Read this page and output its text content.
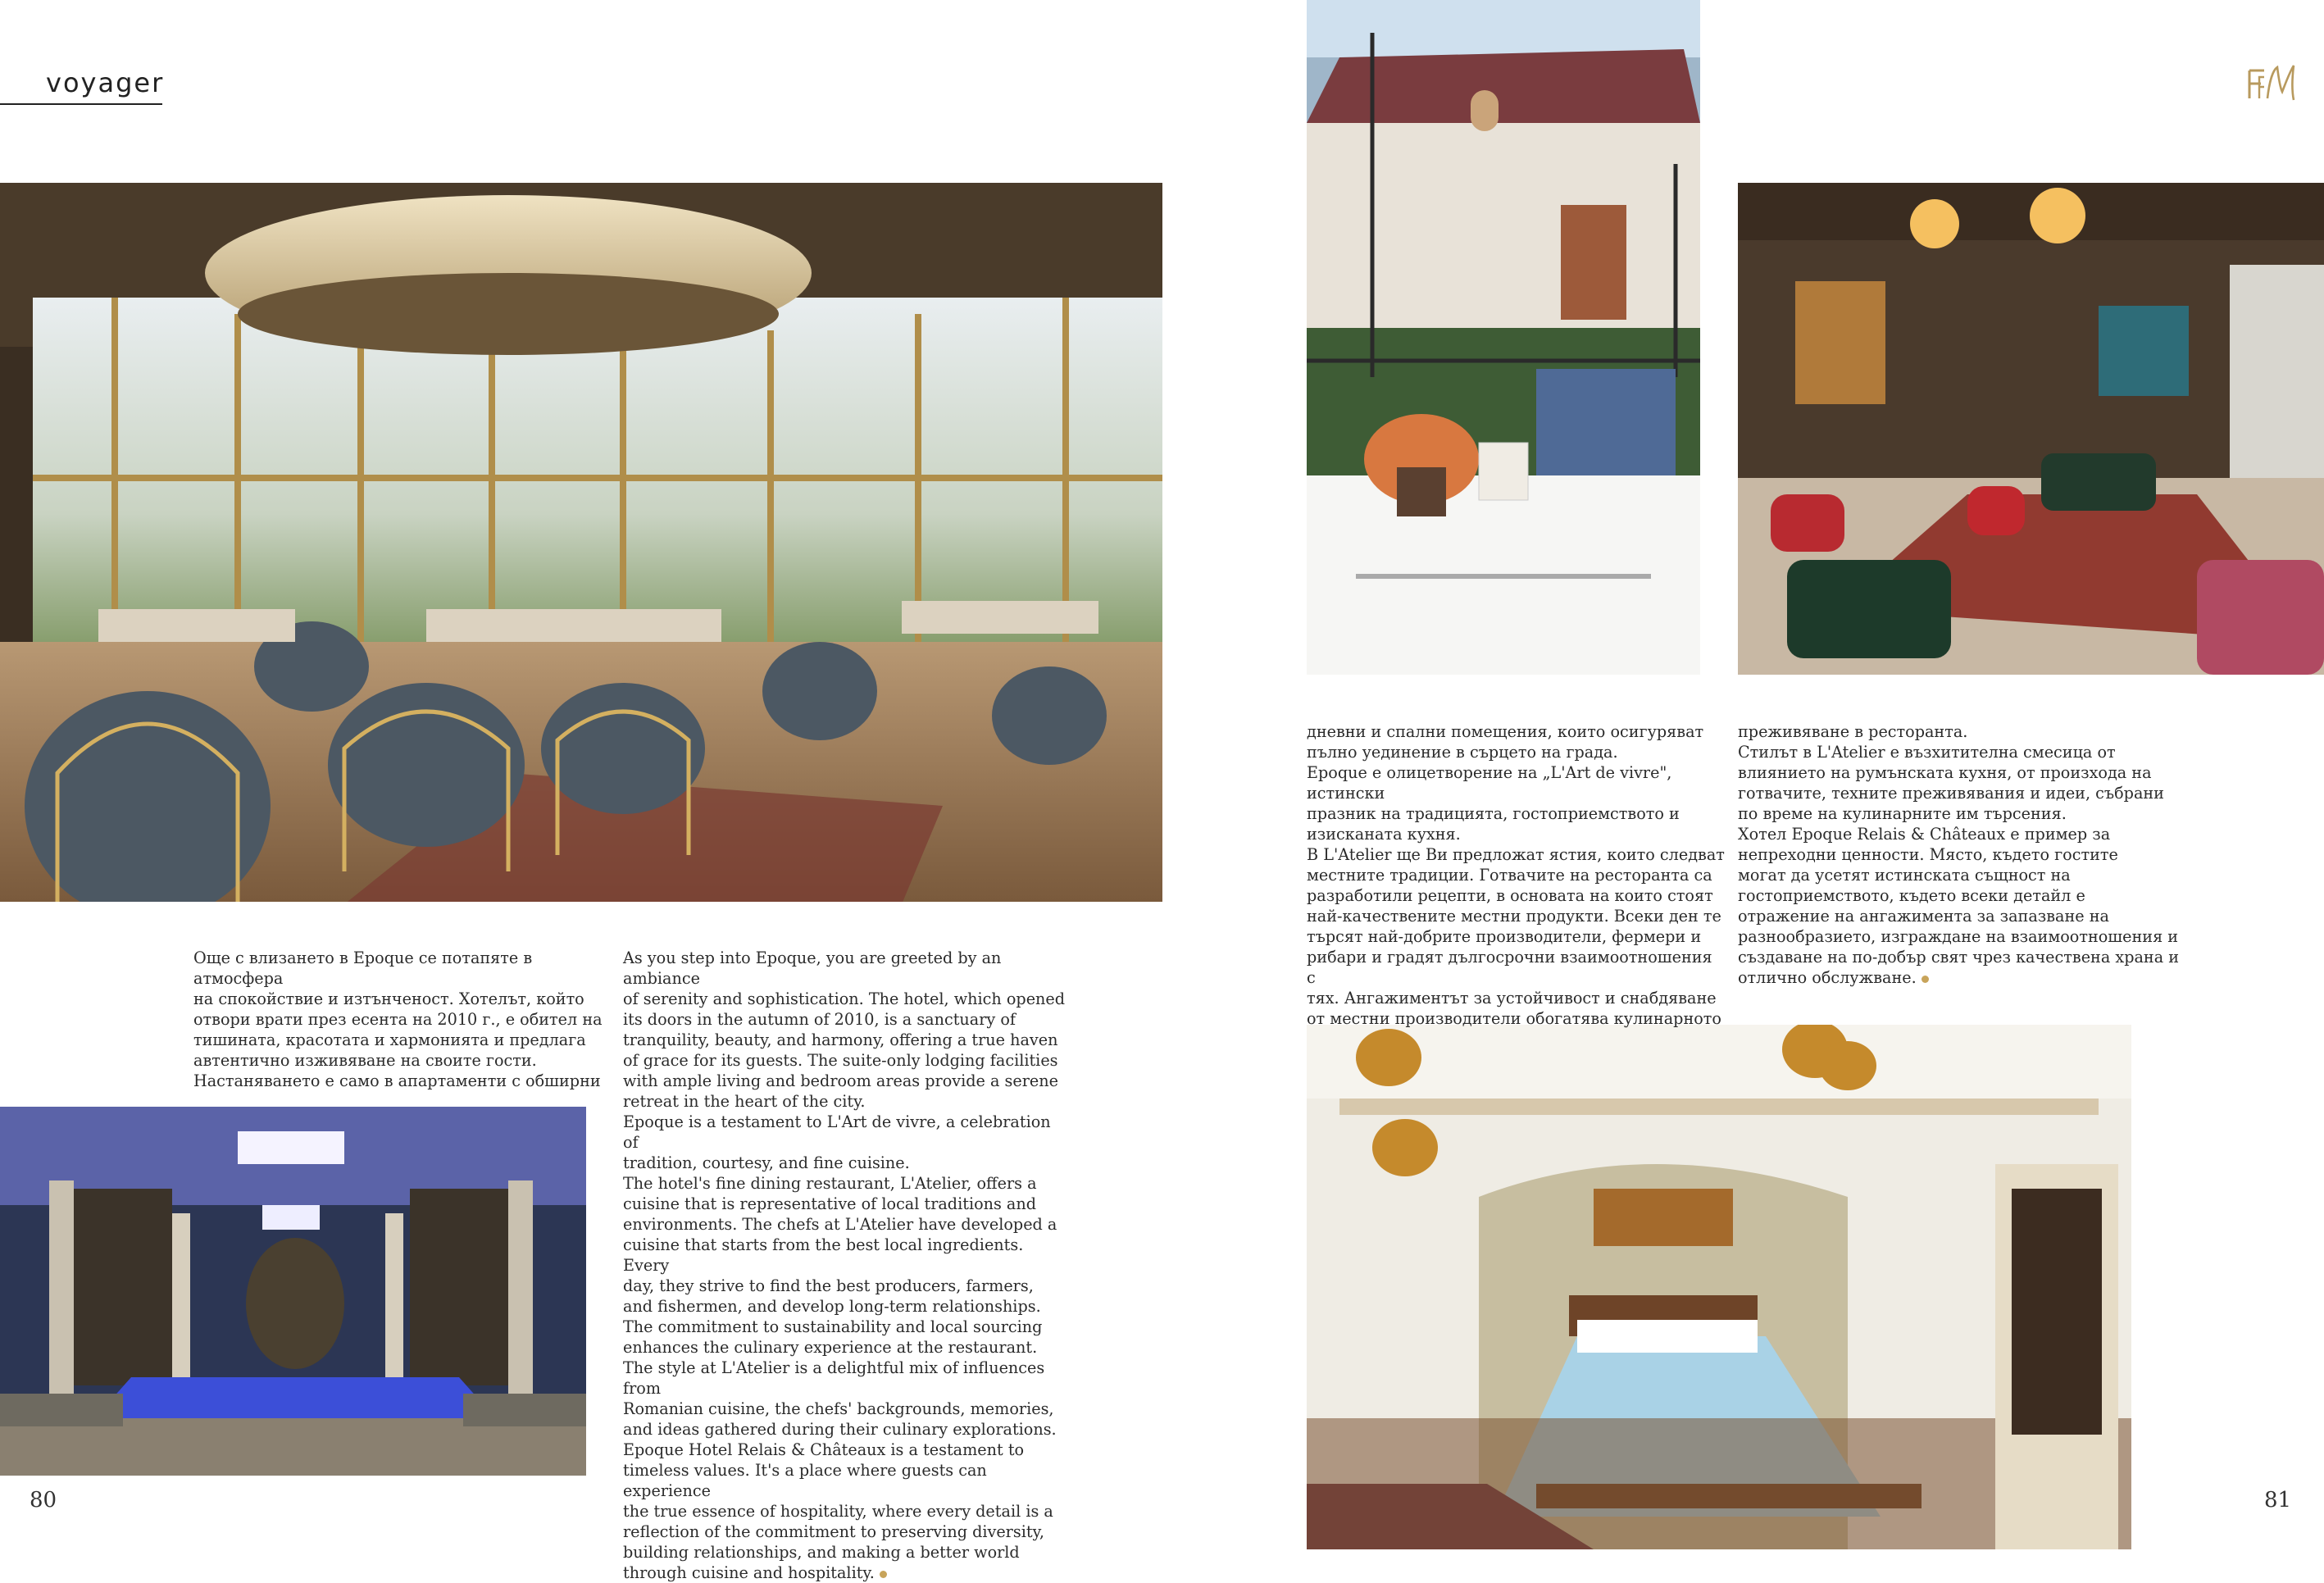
voyager

Още с влизането в Epoque се потапяте в атмосфера

на спокойствие и изтънченост. Хотелът, който

отвори врати през есента на 2010 г., е обител на

тишината, красотата и хармонията и предлага

автентично изживяване на своите гости.

Настаняването е само в апартаменти с обширни

As you step into Epoque, you are greeted by an ambiance

of serenity and sophistication. The hotel, which opened

its doors in the autumn of 2010, is a sanctuary of

tranquility, beauty, and harmony, offering a true haven

of grace for its guests. The suite-only lodging facilities

with ample living and bedroom areas provide a serene

retreat in the heart of the city.

Epoque is a testament to L'Art de vivre, a celebration of

tradition, courtesy, and fine cuisine.

The hotel's fine dining restaurant, L'Atelier, offers a

cuisine that is representative of local traditions and

environments. The chefs at L'Atelier have developed a

cuisine that starts from the best local ingredients. Every

day, they strive to find the best producers, farmers,

and fishermen, and develop long-term relationships.

The commitment to sustainability and local sourcing

enhances the culinary experience at the restaurant.

The style at L'Atelier is a delightful mix of influences from

Romanian cuisine, the chefs' backgrounds, memories,

and ideas gathered during their culinary explorations.

Epoque Hotel Relais & Châteaux is a testament to

timeless values. It's a place where guests can experience

the true essence of hospitality, where every detail is a

reflection of the commitment to preserving diversity,

building relationships, and making a better world

through cuisine and hospitality.

дневни и спални помещения, които осигуряват

пълно уединение в сърцето на града.

Epoque е олицетворение на „L'Art de vivre", истински

празник на традицията, гостоприемството и

изисканата кухня.

В L'Atelier ще Ви предложат ястия, които следват

местните традиции. Готвачите на ресторанта са

разработили рецепти, в основата на които стоят

най-качествените местни продукти. Всеки ден те

търсят най-добрите производители, фермери и

рибари и градят дългосрочни взаимоотношения с

тях. Ангажиментът за устойчивост и снабдяване

от местни производители обогатява кулинарното

преживяване в ресторанта.

Стилът в L'Atelier е възхитителна смесица от

влиянието на румънската кухня, от произхода на

готвачите, техните преживявания и идеи, събрани

по време на кулинарните им търсения.

Хотел Epoque Relais & Châteaux е пример за

непреходни ценности. Място, където гостите

могат да усетят истинската същност на

гостоприемството, където всеки детайл е

отражение на ангажимента за запазване на

разнообразието, изграждане на взаимоотношения и

създаване на по-добър свят чрез качествена храна и

отлично обслужване.

80	81
